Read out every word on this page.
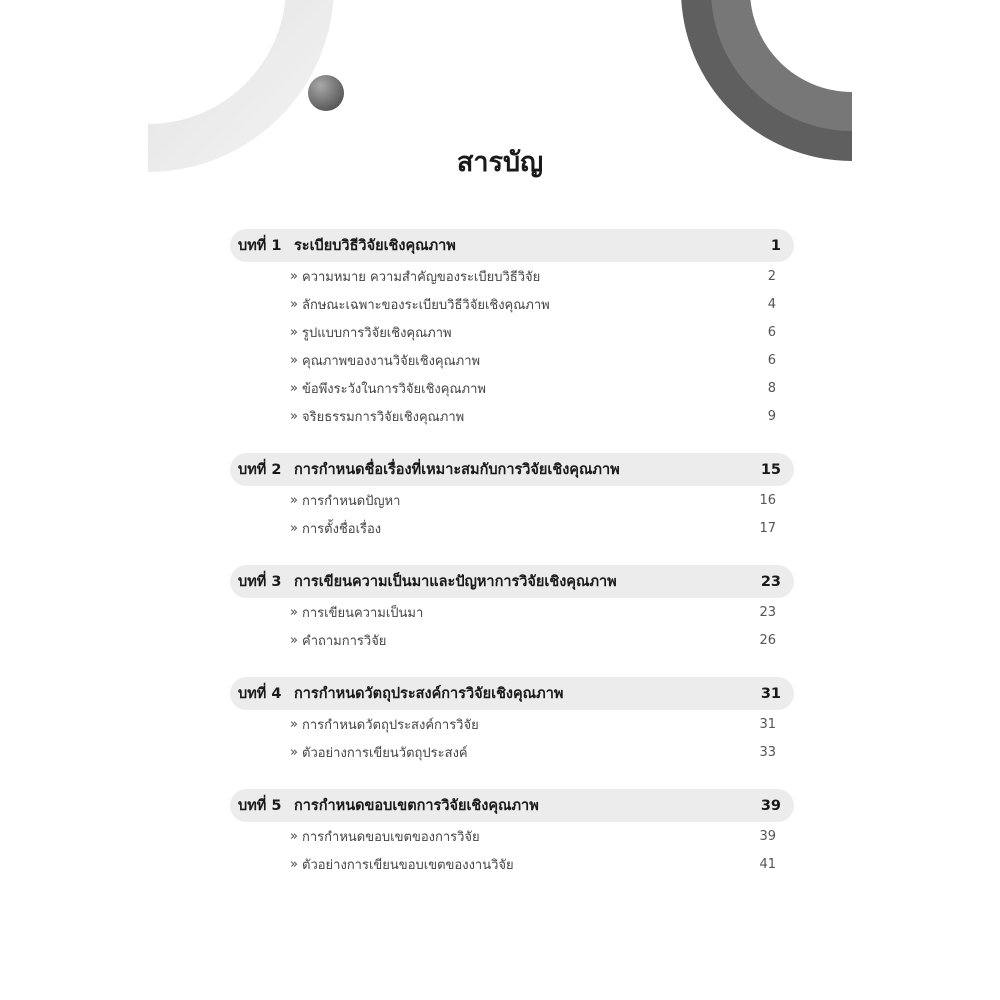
สารบัญ
บทที่ 1 ระเบียบวิธีวิจัยเชิงคุณภาพ	1
» ความหมาย ความสำคัญของระเบียบวิธีวิจัย	2
» ลักษณะเฉพาะของระเบียบวิธีวิจัยเชิงคุณภาพ	4
» รูปแบบการวิจัยเชิงคุณภาพ	6
» คุณภาพของงานวิจัยเชิงคุณภาพ	6
» ข้อพึงระวังในการวิจัยเชิงคุณภาพ	8
» จริยธรรมการวิจัยเชิงคุณภาพ	9
บทที่ 2 การกำหนดชื่อเรื่องที่เหมาะสมกับการวิจัยเชิงคุณภาพ	15
» การกำหนดปัญหา	16
» การตั้งชื่อเรื่อง	17
บทที่ 3 การเขียนความเป็นมาและปัญหาการวิจัยเชิงคุณภาพ	23
» การเขียนความเป็นมา	23
» คำถามการวิจัย	26
บทที่ 4 การกำหนดวัตถุประสงค์การวิจัยเชิงคุณภาพ	31
» การกำหนดวัตถุประสงค์การวิจัย	31
» ตัวอย่างการเขียนวัตถุประสงค์	33
บทที่ 5 การกำหนดขอบเขตการวิจัยเชิงคุณภาพ	39
» การกำหนดขอบเขตของการวิจัย	39
» ตัวอย่างการเขียนขอบเขตของงานวิจัย	41
